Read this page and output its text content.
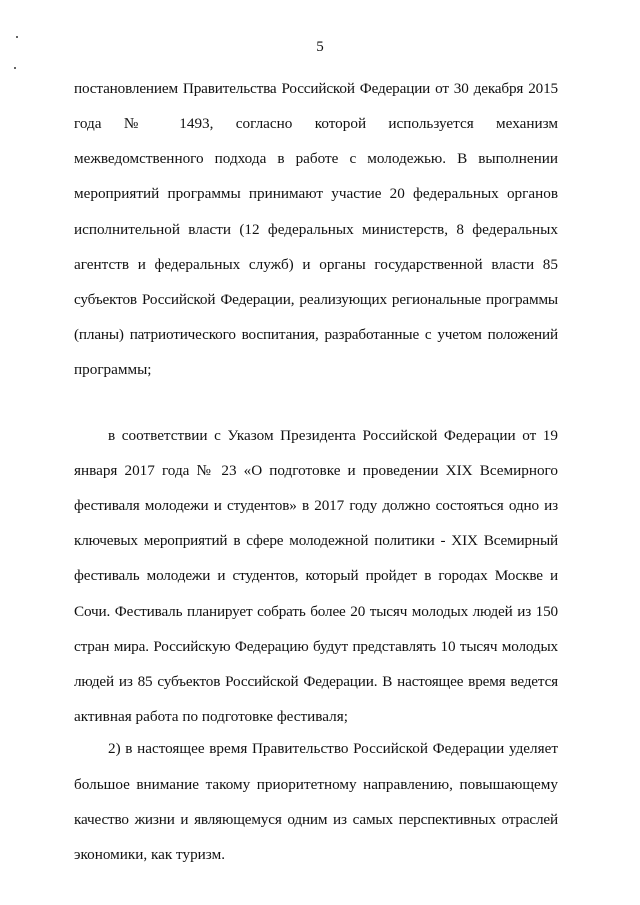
5
постановлением Правительства Российской Федерации от 30 декабря 2015
года № 1493, согласно которой используется механизм
межведомственного подхода в работе с молодежью. В выполнении
мероприятий программы принимают участие 20 федеральных органов
исполнительной власти (12 федеральных министерств, 8 федеральных
агентств и федеральных служб) и органы государственной власти 85
субъектов Российской Федерации, реализующих региональные программы
(планы) патриотического воспитания, разработанные с учетом положений
программы;
в соответствии с Указом Президента Российской Федерации от 19
января 2017 года № 23 «О подготовке и проведении XIX Всемирного
фестиваля молодежи и студентов» в 2017 году должно состояться одно из
ключевых мероприятий в сфере молодежной политики - XIX Всемирный
фестиваль молодежи и студентов, который пройдет в городах Москве и
Сочи. Фестиваль планирует собрать более 20 тысяч молодых людей из 150
стран мира. Российскую Федерацию будут представлять 10 тысяч молодых
людей из 85 субъектов Российской Федерации. В настоящее время ведется
активная работа по подготовке фестиваля;
2) в настоящее время Правительство Российской Федерации уделяет
большое внимание такому приоритетному направлению, повышающему
качество жизни и являющемуся одним из самых перспективных отраслей
экономики, как туризм.
